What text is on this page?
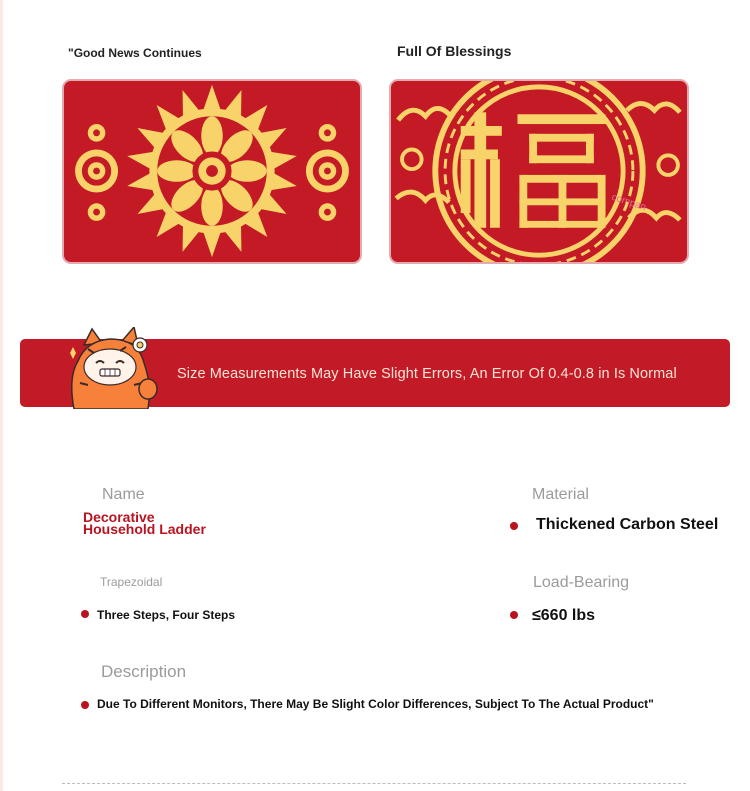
"Good News Continues	Full Of Blessings
compan
Size Measurements May Have Slight Errors, An Error Of 0.4-0.8 in Is Normal
Name
Decorative
Household Ladder
Trapezoidal
Three Steps, Four Steps
Description
Due To Different Monitors, There May Be Slight Color Differences, Subject To The Actual Product"
Material
Thickened Carbon Steel
Load-Bearing
≤660 lbs
